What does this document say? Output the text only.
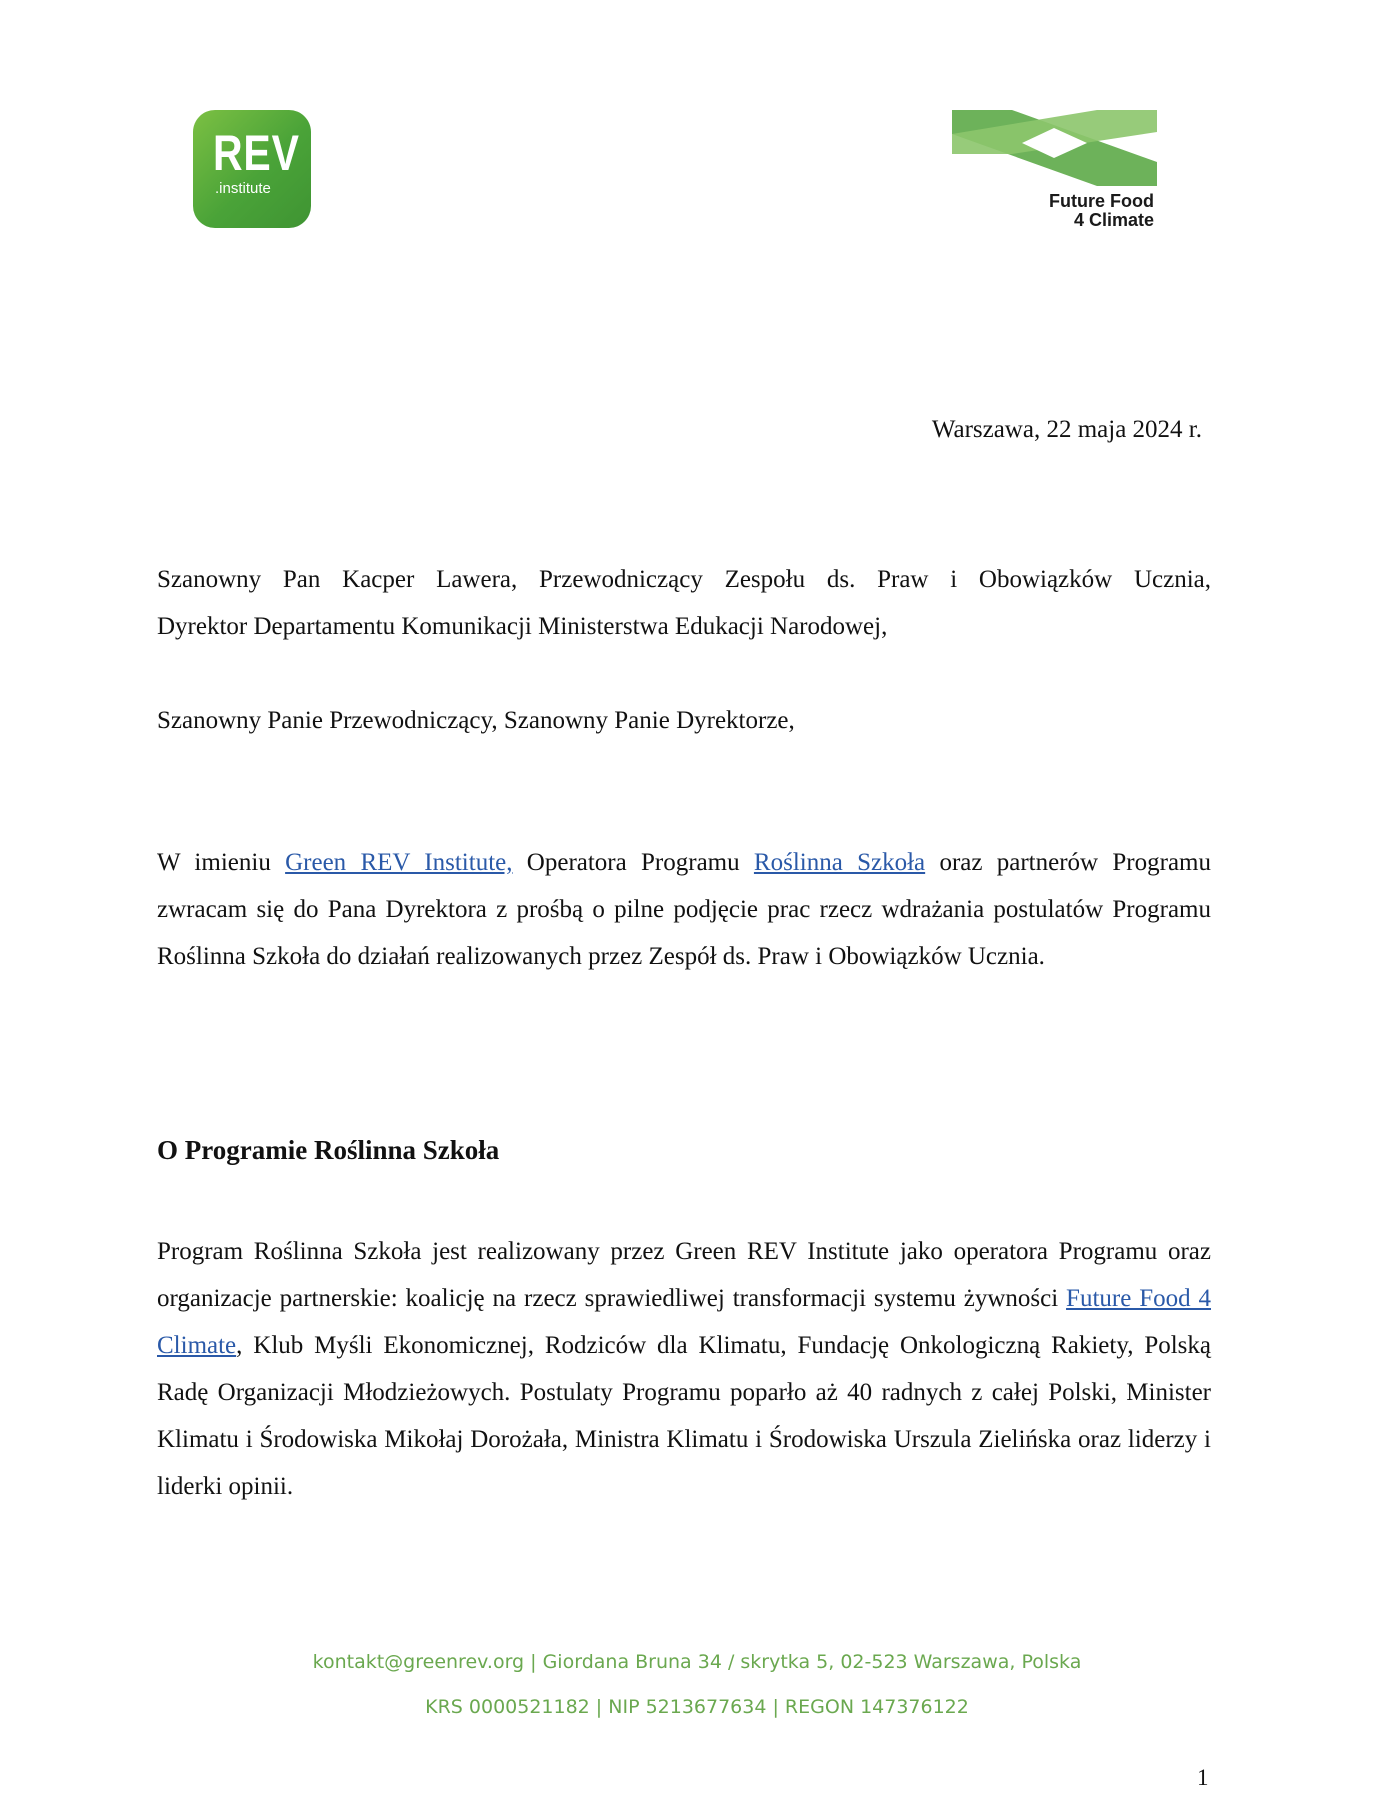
REV
.institute
Future Food
4 Climate
Warszawa, 22 maja 2024 r.
Szanowny Pan Kacper Lawera, Przewodniczący Zespołu ds. Praw i Obowiązków Ucznia,
Dyrektor Departamentu Komunikacji Ministerstwa Edukacji Narodowej,
Szanowny Panie Przewodniczący, Szanowny Panie Dyrektorze,
W imieniu Green REV Institute, Operatora Programu Roślinna Szkoła oraz partnerów Programu zwracam się do Pana Dyrektora z prośbą o pilne podjęcie prac rzecz wdrażania postulatów Programu Roślinna Szkoła do działań realizowanych przez Zespół ds. Praw i Obowiązków Ucznia.
O Programie Roślinna Szkoła
Program Roślinna Szkoła jest realizowany przez Green REV Institute jako operatora Programu oraz organizacje partnerskie: koalicję na rzecz sprawiedliwej transformacji systemu żywności Future Food 4 Climate, Klub Myśli Ekonomicznej, Rodziców dla Klimatu, Fundację Onkologiczną Rakiety, Polską Radę Organizacji Młodzieżowych. Postulaty Programu poparło aż 40 radnych z całej Polski, Minister Klimatu i Środowiska Mikołaj Dorożała, Ministra Klimatu i Środowiska Urszula Zielińska oraz liderzy i liderki opinii.
kontakt@greenrev.org | Giordana Bruna 34 / skrytka 5, 02-523 Warszawa, Polska
KRS 0000521182 | NIP 5213677634 | REGON 147376122
1
